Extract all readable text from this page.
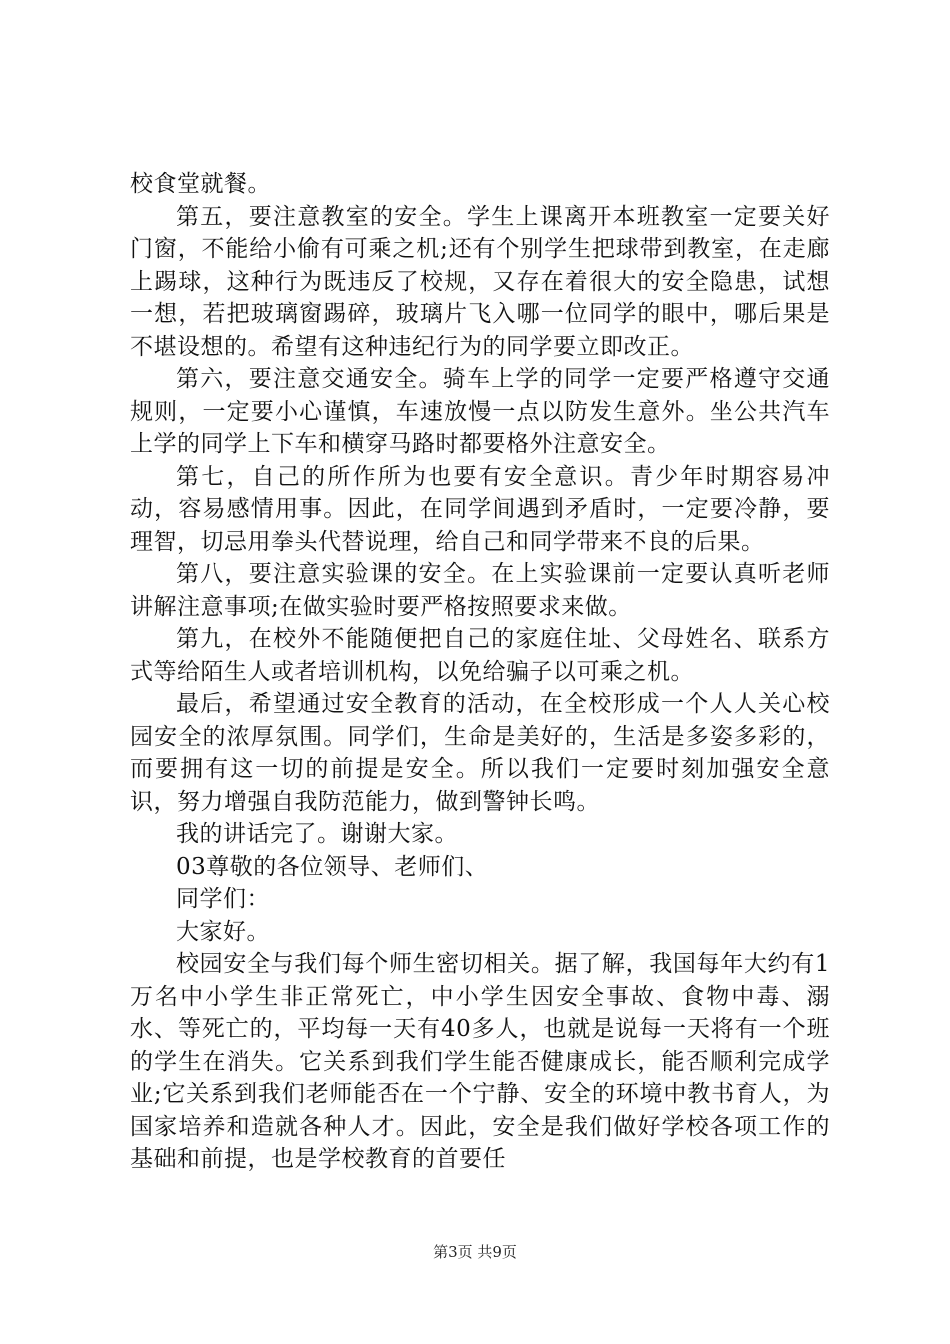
校食堂就餐。

第五，要注意教室的安全。学生上课离开本班教室一定要关好门窗，不能给小偷有可乘之机;还有个别学生把球带到教室，在走廊上踢球，这种行为既违反了校规，又存在着很大的安全隐患，试想一想，若把玻璃窗踢碎，玻璃片飞入哪一位同学的眼中，哪后果是不堪设想的。希望有这种违纪行为的同学要立即改正。

第六，要注意交通安全。骑车上学的同学一定要严格遵守交通规则，一定要小心谨慎，车速放慢一点以防发生意外。坐公共汽车上学的同学上下车和横穿马路时都要格外注意安全。

第七，自己的所作所为也要有安全意识。青少年时期容易冲动，容易感情用事。因此，在同学间遇到矛盾时，一定要冷静，要理智，切忌用拳头代替说理，给自己和同学带来不良的后果。

第八，要注意实验课的安全。在上实验课前一定要认真听老师讲解注意事项;在做实验时要严格按照要求来做。

第九，在校外不能随便把自己的家庭住址、父母姓名、联系方式等给陌生人或者培训机构，以免给骗子以可乘之机。

最后，希望通过安全教育的活动，在全校形成一个人人关心校园安全的浓厚氛围。同学们，生命是美好的，生活是多姿多彩的，而要拥有这一切的前提是安全。所以我们一定要时刻加强安全意识，努力增强自我防范能力，做到警钟长鸣。

我的讲话完了。谢谢大家。

03尊敬的各位领导、老师们、

同学们：

大家好。

校园安全与我们每个师生密切相关。据了解，我国每年大约有1万名中小学生非正常死亡，中小学生因安全事故、食物中毒、溺水、等死亡的，平均每一天有40多人，也就是说每一天将有一个班的学生在消失。它关系到我们学生能否健康成长，能否顺利完成学业;它关系到我们老师能否在一个宁静、安全的环境中教书育人，为国家培养和造就各种人才。因此，安全是我们做好学校各项工作的基础和前提，也是学校教育的首要任

第3页 共9页
